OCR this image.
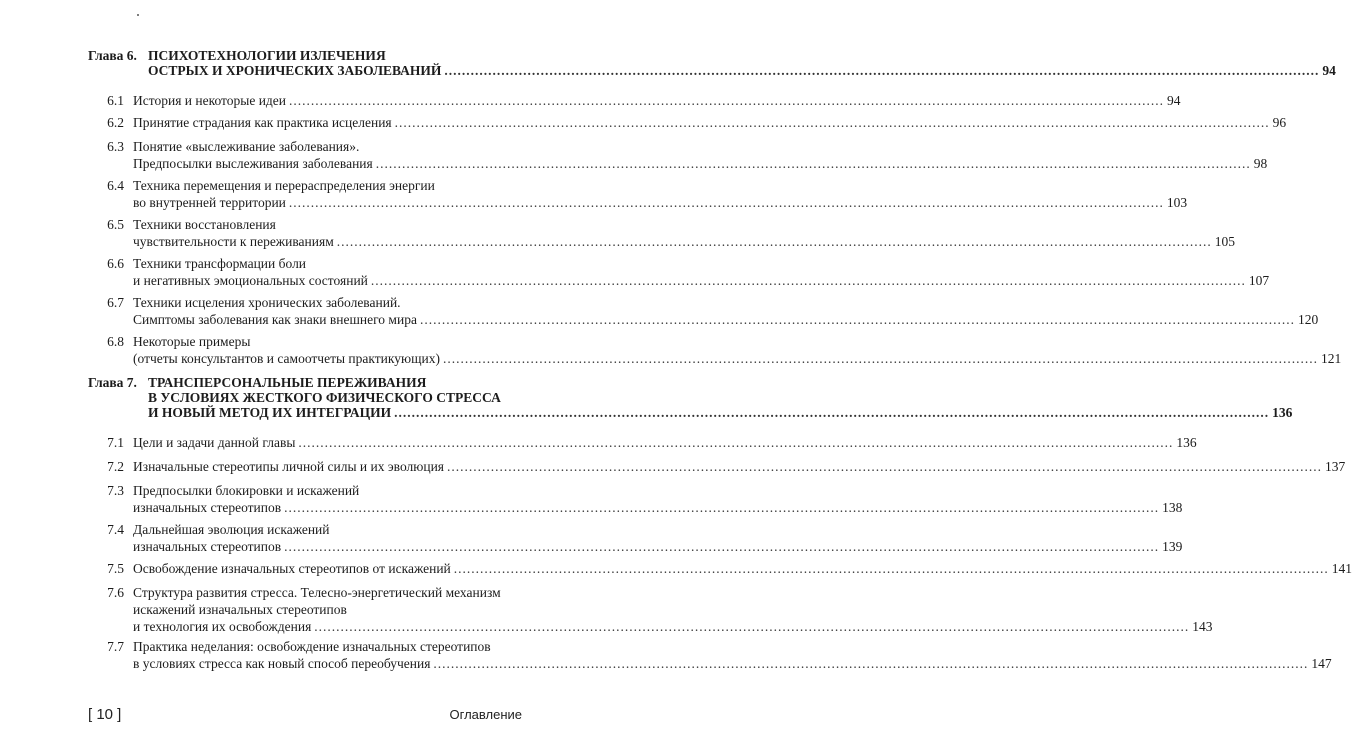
Глава 6. ПСИХОТЕХНОЛОГИИ ИЗЛЕЧЕНИЯ
ОСТРЫХ И ХРОНИЧЕСКИХ ЗАБОЛЕВАНИЙ ........................................................................................................................................................................................................ 94
6.1 История и некоторые идеи ........................................................................................................................................................................................................ 94
6.2 Принятие страдания как практика исцеления ........................................................................................................................................................................................................ 96
6.3 Понятие «выслеживание заболевания».
Предпосылки выслеживания заболевания ........................................................................................................................................................................................................ 98
6.4 Техника перемещения и перераспределения энергии
во внутренней территории ........................................................................................................................................................................................................ 103
6.5 Техники восстановления
чувствительности к переживаниям ........................................................................................................................................................................................................ 105
6.6 Техники трансформации боли
и негативных эмоциональных состояний ........................................................................................................................................................................................................ 107
6.7 Техники исцеления хронических заболеваний.
Симптомы заболевания как знаки внешнего мира ........................................................................................................................................................................................................ 120
6.8 Некоторые примеры
(отчеты консультантов и самоотчеты практикующих) ........................................................................................................................................................................................................ 121
Глава 7. ТРАНСПЕРСОНАЛЬНЫЕ ПЕРЕЖИВАНИЯ
В УСЛОВИЯХ ЖЕСТКОГО ФИЗИЧЕСКОГО СТРЕССА
И НОВЫЙ МЕТОД ИХ ИНТЕГРАЦИИ ........................................................................................................................................................................................................ 136
7.1 Цели и задачи данной главы ........................................................................................................................................................................................................ 136
7.2 Изначальные стереотипы личной силы и их эволюция ........................................................................................................................................................................................................ 137
7.3 Предпосылки блокировки и искажений
изначальных стереотипов ........................................................................................................................................................................................................ 138
7.4 Дальнейшая эволюция искажений
изначальных стереотипов ........................................................................................................................................................................................................ 139
7.5 Освобождение изначальных стереотипов от искажений ........................................................................................................................................................................................................ 141
7.6 Структура развития стресса. Телесно-энергетический механизм
искажений изначальных стереотипов
и технология их освобождения ........................................................................................................................................................................................................ 143
7.7 Практика неделания: освобождение изначальных стереотипов
в условиях стресса как новый способ переобучения ........................................................................................................................................................................................................ 147
[ 10 ]	Оглавление
